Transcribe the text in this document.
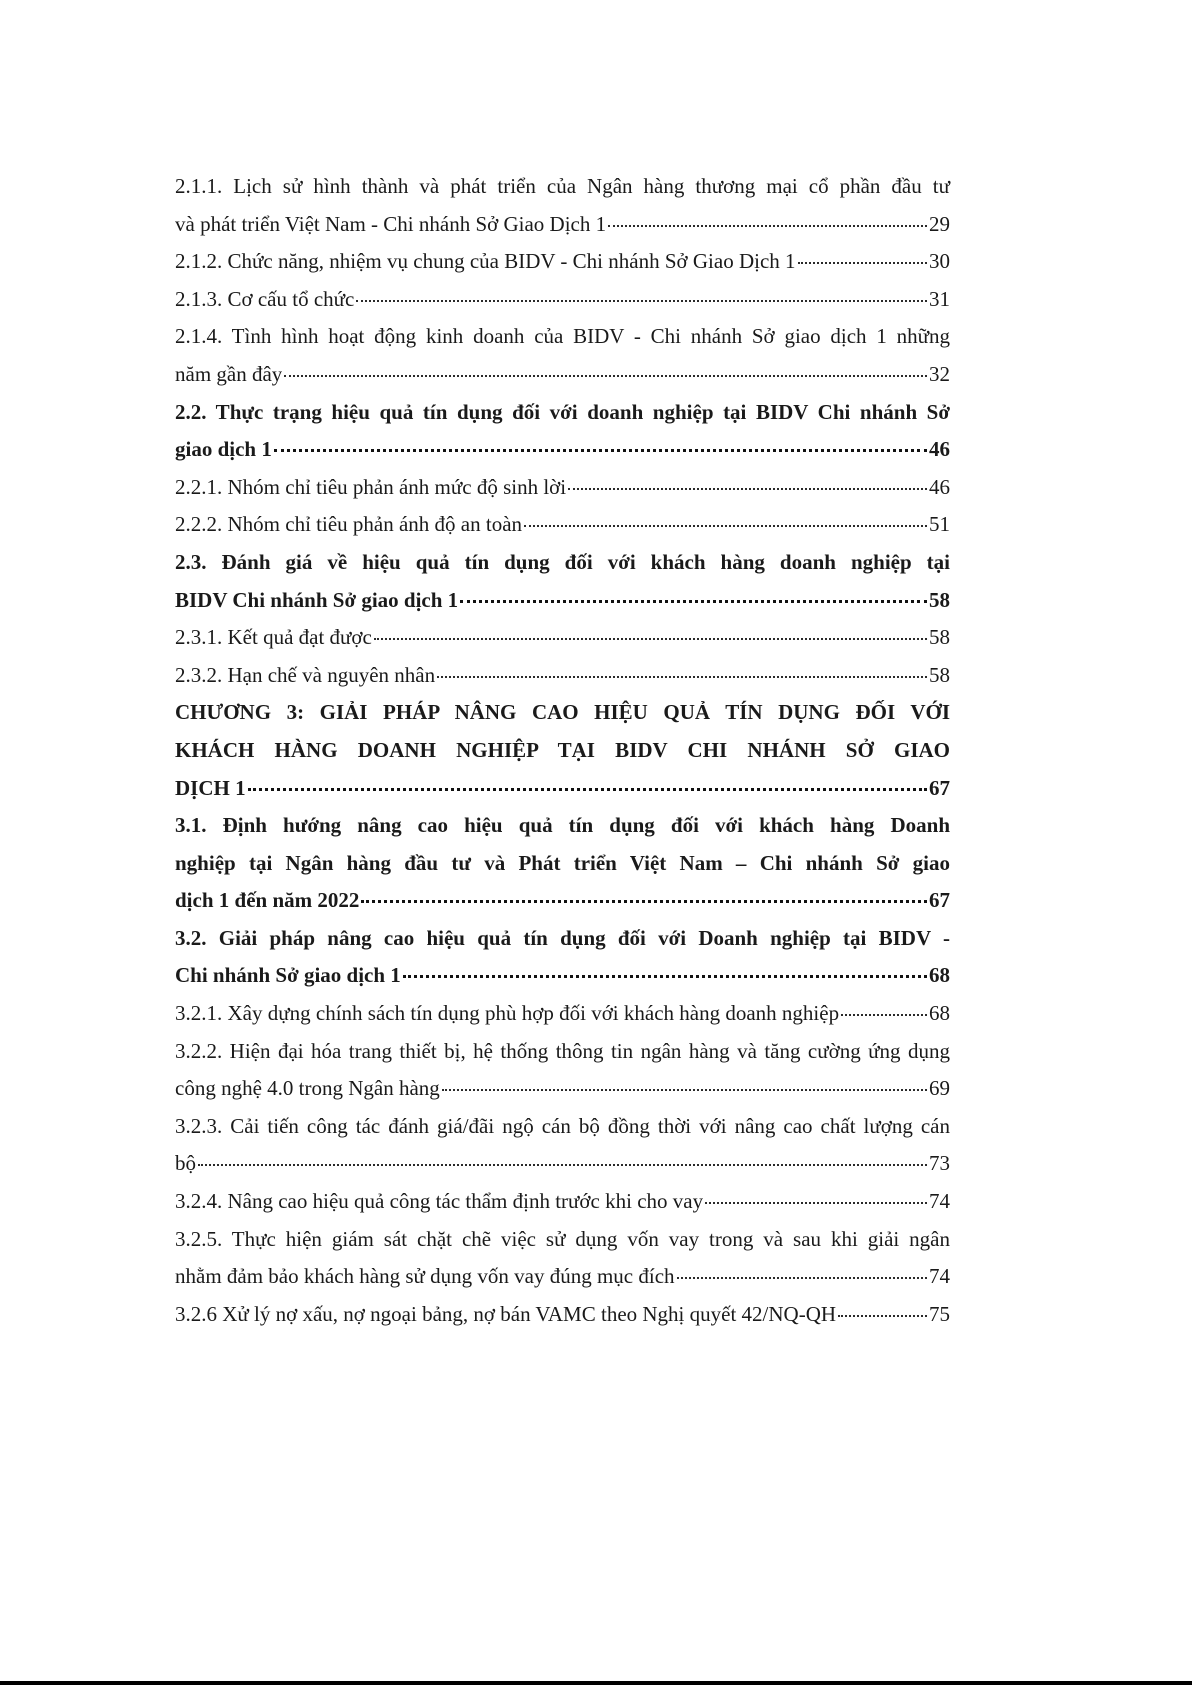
2.1.1. Lịch sử hình thành và phát triển của Ngân hàng thương mại cổ phần đầu tư
và phát triển Việt Nam - Chi nhánh Sở Giao Dịch 1	29
2.1.2. Chức năng, nhiệm vụ chung của BIDV - Chi nhánh Sở Giao Dịch 1	30
2.1.3. Cơ cấu tổ chức	31
2.1.4. Tình hình hoạt động kinh doanh của BIDV - Chi nhánh Sở giao dịch 1 những
năm gần đây	32
2.2. Thực trạng hiệu quả tín dụng đối với doanh nghiệp tại BIDV Chi nhánh Sở
giao dịch 1	46
2.2.1. Nhóm chỉ tiêu phản ánh mức độ sinh lời	46
2.2.2. Nhóm chỉ tiêu phản ánh độ an toàn	51
2.3. Đánh giá về hiệu quả tín dụng đối với khách hàng doanh nghiệp tại
BIDV Chi nhánh Sở giao dịch 1	58
2.3.1. Kết quả đạt được	58
2.3.2. Hạn chế và nguyên nhân	58
CHƯƠNG 3: GIẢI PHÁP NÂNG CAO HIỆU QUẢ TÍN DỤNG ĐỐI VỚI
KHÁCH HÀNG DOANH NGHIỆP TẠI BIDV CHI NHÁNH SỞ GIAO
DỊCH 1	67
3.1. Định hướng nâng cao hiệu quả tín dụng đối với khách hàng Doanh
nghiệp tại Ngân hàng đầu tư và Phát triển Việt Nam – Chi nhánh Sở giao
dịch 1 đến năm 2022	67
3.2. Giải pháp nâng cao hiệu quả tín dụng đối với Doanh nghiệp tại BIDV -
Chi nhánh Sở giao dịch 1	68
3.2.1. Xây dựng chính sách tín dụng phù hợp đối với khách hàng doanh nghiệp	68
3.2.2. Hiện đại hóa trang thiết bị, hệ thống thông tin ngân hàng và tăng cường ứng dụng
công nghệ 4.0 trong Ngân hàng	69
3.2.3. Cải tiến công tác đánh giá/đãi ngộ cán bộ đồng thời với nâng cao chất lượng cán
bộ	73
3.2.4. Nâng cao hiệu quả công tác thẩm định trước khi cho vay	74
3.2.5. Thực hiện giám sát chặt chẽ việc sử dụng vốn vay trong và sau khi giải ngân
nhằm đảm bảo khách hàng sử dụng vốn vay đúng mục đích	74
3.2.6 Xử lý nợ xấu, nợ ngoại bảng, nợ bán VAMC theo Nghị quyết 42/NQ-QH	75
